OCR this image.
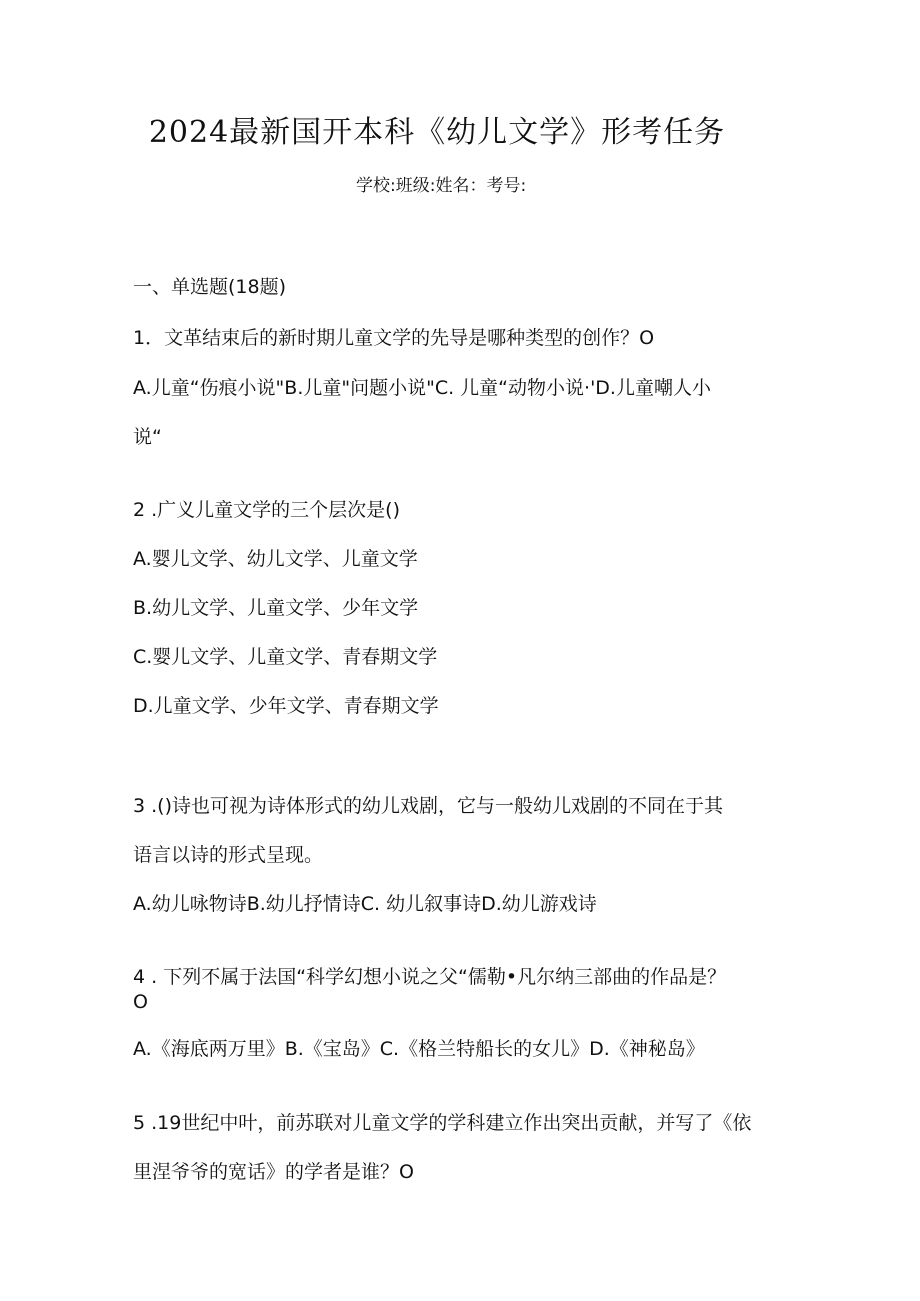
2024最新国开本科《幼儿文学》形考任务
学校:班级:姓名：考号:
一、单选题(18题)
1．文革结束后的新时期儿童文学的先导是哪种类型的创作？O
A.儿童“伤痕小说"B.儿童"问题小说"C. 儿童“动物小说·'D.儿童嘲人小
说“
2 .广义儿童文学的三个层次是()
A.婴儿文学、幼儿文学、儿童文学
B.幼儿文学、儿童文学、少年文学
C.婴儿文学、儿童文学、青春期文学
D.儿童文学、少年文学、青春期文学
3 .()诗也可视为诗体形式的幼儿戏剧，它与一般幼儿戏剧的不同在于其
语言以诗的形式呈现。
A.幼儿咏物诗B.幼儿抒情诗C. 幼儿叙事诗D.幼儿游戏诗
4 . 下列不属于法国“科学幻想小说之父“儒勒•凡尔纳三部曲的作品是？
O
A.《海底两万里》B.《宝岛》C.《格兰特船长的女儿》D.《神秘岛》
5 .19世纪中叶，前苏联对儿童文学的学科建立作出突出贡献，并写了《依
里涅爷爷的宽话》的学者是谁？O
